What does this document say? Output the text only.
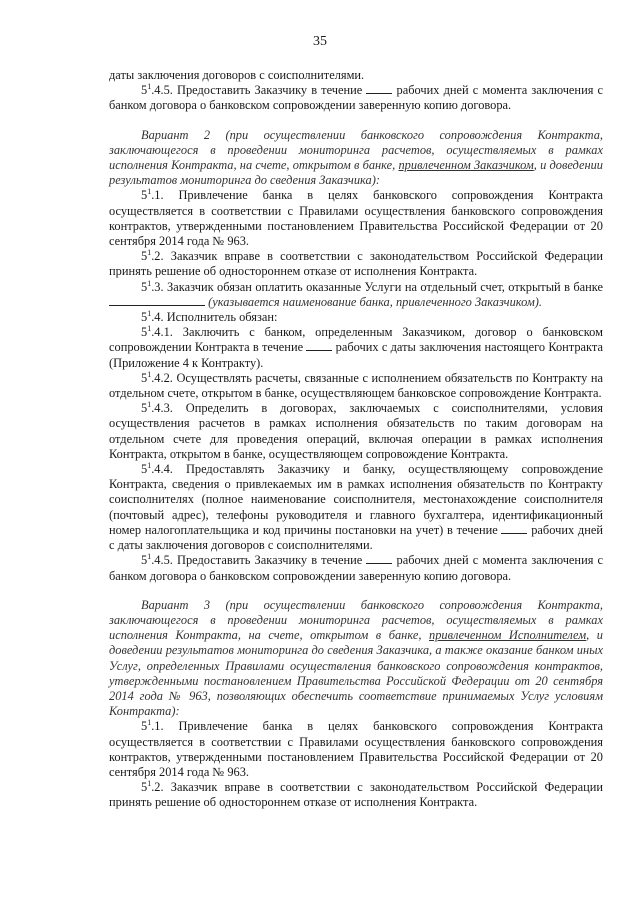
35

даты заключения договоров с соисполнителями.

$5^1.4.5$. Предоставить Заказчику в течение	рабочих дней с момента заключения с банком договора о банковском сопровождении заверенную копию договора.

Вариант 2 (при осуществлении банковского сопровождения Контракта, заключающегося в проведении мониторинга расчетов, осуществляемых в рамках исполнения Контракта, на счете, открытом в банке, привлеченном Заказчиком, и доведении результатов мониторинга до сведения Заказчика):

$5^1.1$. Привлечение банка в целях банковского сопровождения Контракта осуществляется в соответствии с Правилами осуществления банковского сопровождения контрактов, утвержденными постановлением Правительства Российской Федерации от 20 сентября 2014 года № 963.

$5^1.2$. Заказчик вправе в соответствии с законодательством Российской Федерации принять решение об одностороннем отказе от исполнения Контракта.

$5^1.3$. Заказчик обязан оплатить оказанные Услуги на отдельный счет, открытый в банке  (указывается наименование банка, привлеченного Заказчиком).

$5^1.4$. Исполнитель обязан:

$5^1.4.1$. Заключить с банком, определенным Заказчиком, договор о банковском сопровождении Контракта в течение	рабочих с даты заключения настоящего Контракта (Приложение 4 к Контракту).

$5^1.4.2$. Осуществлять расчеты, связанные с исполнением обязательств по Контракту на отдельном счете, открытом в банке, осуществляющем банковское сопровождение Контракта.

$5^1.4.3$. Определить в договорах, заключаемых с соисполнителями, условия осуществления расчетов в рамках исполнения обязательств по таким договорам на отдельном счете для проведения операций, включая операции в рамках исполнения Контракта, открытом в банке, осуществляющем сопровождение Контракта.

$5^1.4.4$. Предоставлять Заказчику и банку, осуществляющему сопровождение Контракта, сведения о привлекаемых им в рамках исполнения обязательств по Контракту соисполнителях (полное наименование соисполнителя, местонахождение соисполнителя (почтовый адрес), телефоны руководителя и главного бухгалтера, идентификационный номер налогоплательщика и код причины постановки на учет) в течение	рабочих дней с даты заключения договоров с соисполнителями.

$5^1.4.5$. Предоставить Заказчику в течение	рабочих дней с момента заключения с банком договора о банковском сопровождении заверенную копию договора.

Вариант 3 (при осуществлении банковского сопровождения Контракта, заключающегося в проведении мониторинга расчетов, осуществляемых в рамках исполнения Контракта, на счете, открытом в банке, привлеченном Исполнителем, и доведении результатов мониторинга до сведения Заказчика, а также оказание банком иных Услуг, определенных Правилами осуществления банковского сопровождения контрактов, утвержденными постановлением Правительства Российской Федерации от 20 сентября 2014 года № 963, позволяющих обеспечить соответствие принимаемых Услуг условиям Контракта):

$5^1.1$. Привлечение банка в целях банковского сопровождения Контракта осуществляется в соответствии с Правилами осуществления банковского сопровождения контрактов, утвержденными постановлением Правительства Российской Федерации от 20 сентября 2014 года № 963.

$5^1.2$. Заказчик вправе в соответствии с законодательством Российской Федерации принять решение об одностороннем отказе от исполнения Контракта.
